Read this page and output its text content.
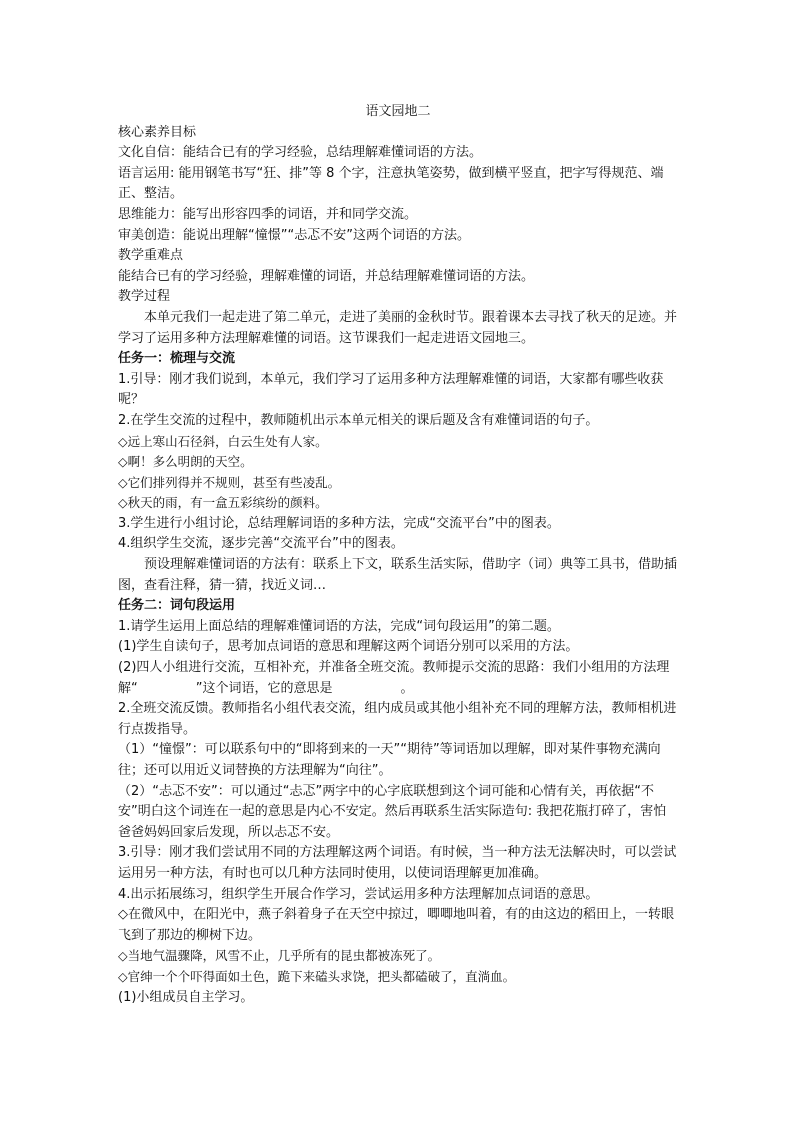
语文园地二

核心素养目标

文化自信：能结合已有的学习经验，总结理解难懂词语的方法。

语言运用: 能用钢笔书写“狂、排”等 8 个字，注意执笔姿势，做到横平竖直，把字写得规范、端正、整洁。

思维能力：能写出形容四季的词语，并和同学交流。

审美创造：能说出理解“憧憬”“忐忑不安”这两个词语的方法。

教学重难点

能结合已有的学习经验，理解难懂的词语，并总结理解难懂词语的方法。

教学过程

本单元我们一起走进了第二单元，走进了美丽的金秋时节。跟着课本去寻找了秋天的足迹。并学习了运用多种方法理解难懂的词语。这节课我们一起走进语文园地三。

任务一：梳理与交流

1.引导：刚才我们说到，本单元，我们学习了运用多种方法理解难懂的词语，大家都有哪些收获呢？

2.在学生交流的过程中，教师随机出示本单元相关的课后题及含有难懂词语的句子。

◇远上寒山石径斜，白云生处有人家。

◇啊！多么明朗的天空。

◇它们排列得并不规则，甚至有些凌乱。

◇秋天的雨，有一盒五彩缤纷的颜料。

3.学生进行小组讨论，总结理解词语的多种方法，完成“交流平台”中的图表。

4.组织学生交流，逐步完善“交流平台”中的图表。

预设理解难懂词语的方法有：联系上下文，联系生活实际，借助字（词）典等工具书，借助插图，查看注释，猜一猜，找近义词…

任务二：词句段运用

1.请学生运用上面总结的理解难懂词语的方法，完成“词句段运用”的第二题。

(1)学生自读句子，思考加点词语的意思和理解这两个词语分别可以采用的方法。

(2)四人小组进行交流，互相补充，并准备全班交流。教师提示交流的思路：我们小组用的方法理解“	”这个词语，它的意思是	。

2.全班交流反馈。教师指名小组代表交流，组内成员或其他小组补充不同的理解方法，教师相机进行点拨指导。

（1）“憧憬”：可以联系句中的“即将到来的一天”“期待”等词语加以理解，即对某件事物充满向往；还可以用近义词替换的方法理解为“向往”。

（2）“忐忑不安”：可以通过“忐忑”两字中的心字底联想到这个词可能和心情有关，再依据“不安”明白这个词连在一起的意思是内心不安定。然后再联系生活实际造句: 我把花瓶打碎了，害怕爸爸妈妈回家后发现，所以忐忑不安。

3.引导：刚才我们尝试用不同的方法理解这两个词语。有时候，当一种方法无法解决时，可以尝试运用另一种方法，有时也可以几种方法同时使用，以使词语理解更加准确。

4.出示拓展练习，组织学生开展合作学习，尝试运用多种方法理解加点词语的意思。

◇在微风中，在阳光中，燕子斜着身子在天空中掠过，唧唧地叫着，有的由这边的稻田上，一转眼飞到了那边的柳树下边。

◇当地气温骤降，风雪不止，几乎所有的昆虫都被冻死了。

◇官绅一个个吓得面如土色，跪下来磕头求饶，把头都磕破了，直淌血。

(1)小组成员自主学习。
